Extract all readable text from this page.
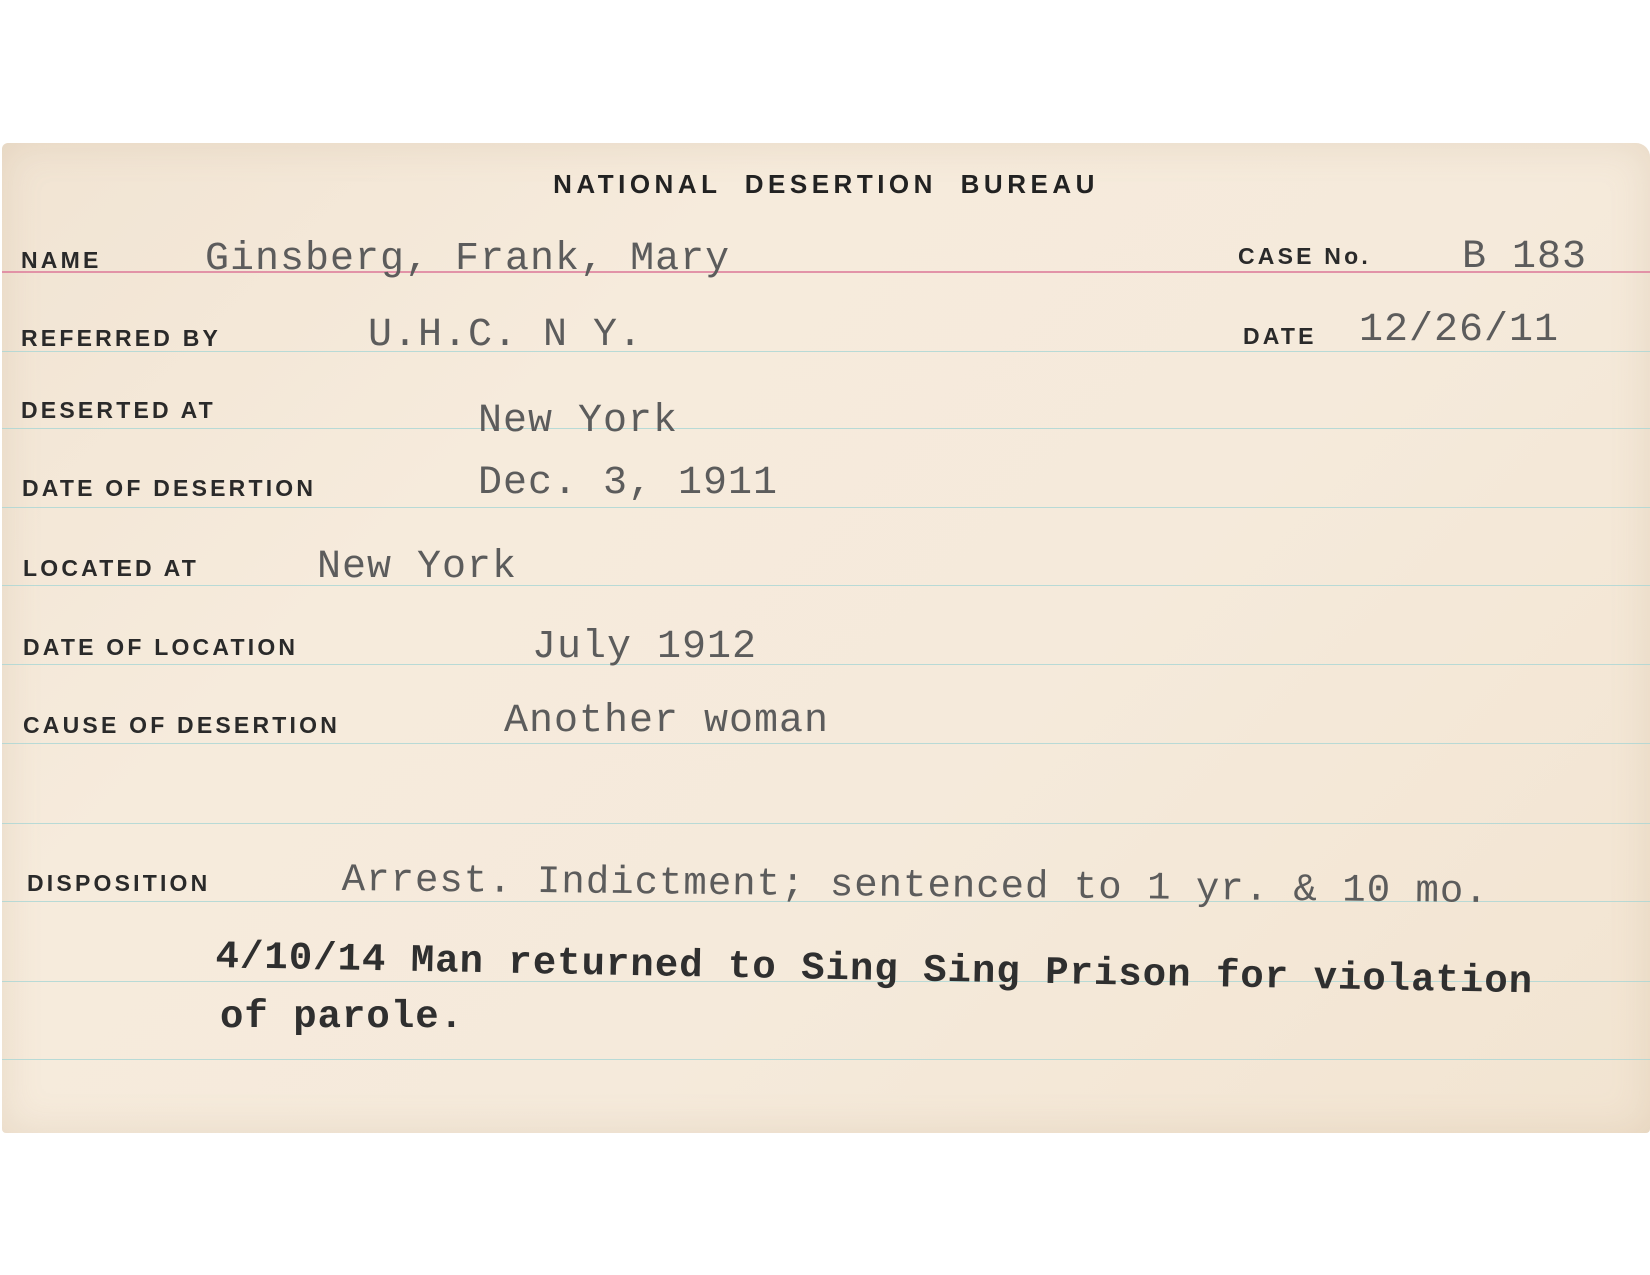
NATIONAL DESERTION BUREAU
NAME	Ginsberg, Frank, Mary	CASE No. B 183
REFERRED BY	U.H.C. N Y.	DATE 12/26/11
DESERTED AT	New York
DATE OF DESERTION	Dec. 3, 1911
LOCATED AT	New York
DATE OF LOCATION	July 1912
CAUSE OF DESERTION	Another woman
DISPOSITION	Arrest. Indictment; sentenced to 1 yr. & 10 mo.
4/10/14 Man returned to Sing Sing Prison for violation
of parole.
